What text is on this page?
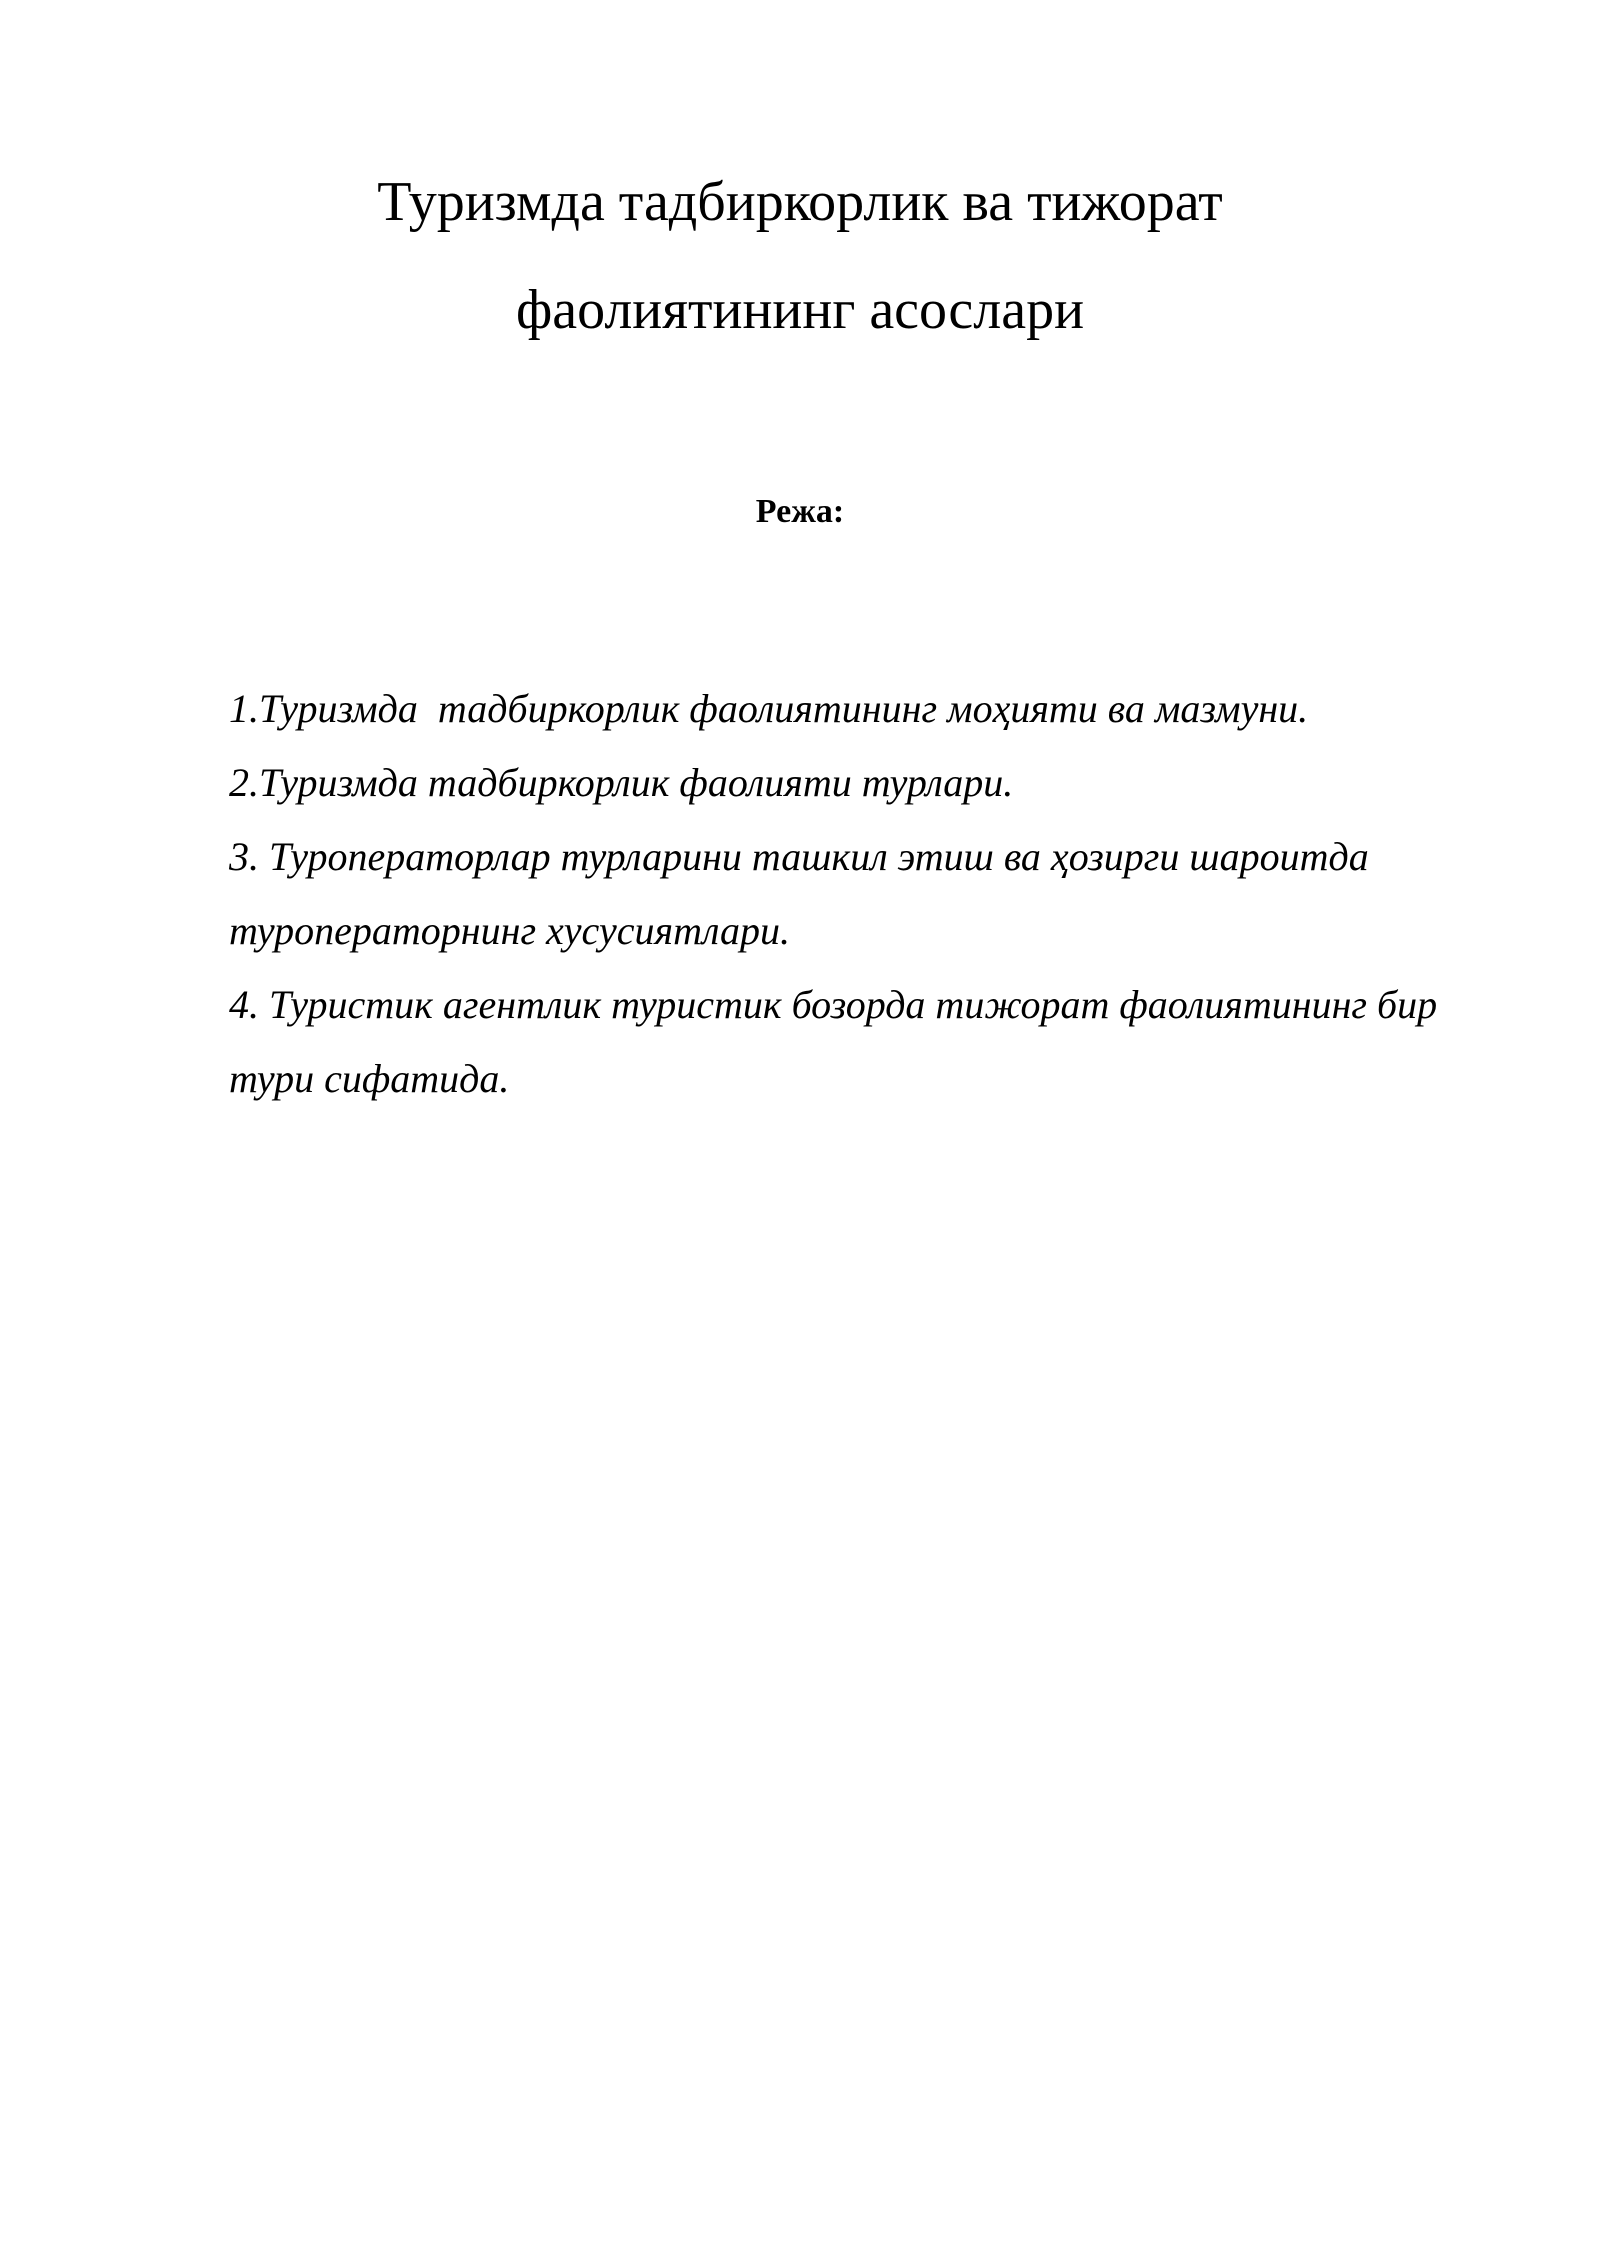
Туризмда тадбиркорлик ва тижорат
фаолиятининг асослари
Режа:
1.Туризмда  тадбиркорлик фаолиятининг моҳияти ва мазмуни.
2.Туризмда тадбиркорлик фаолияти турлари.
3. Туроператорлар турларини ташкил этиш ва ҳозирги шароитда туроператорнинг хусусиятлари.
4. Туристик агентлик туристик бозорда тижорат фаолиятининг бир тури сифатида.
